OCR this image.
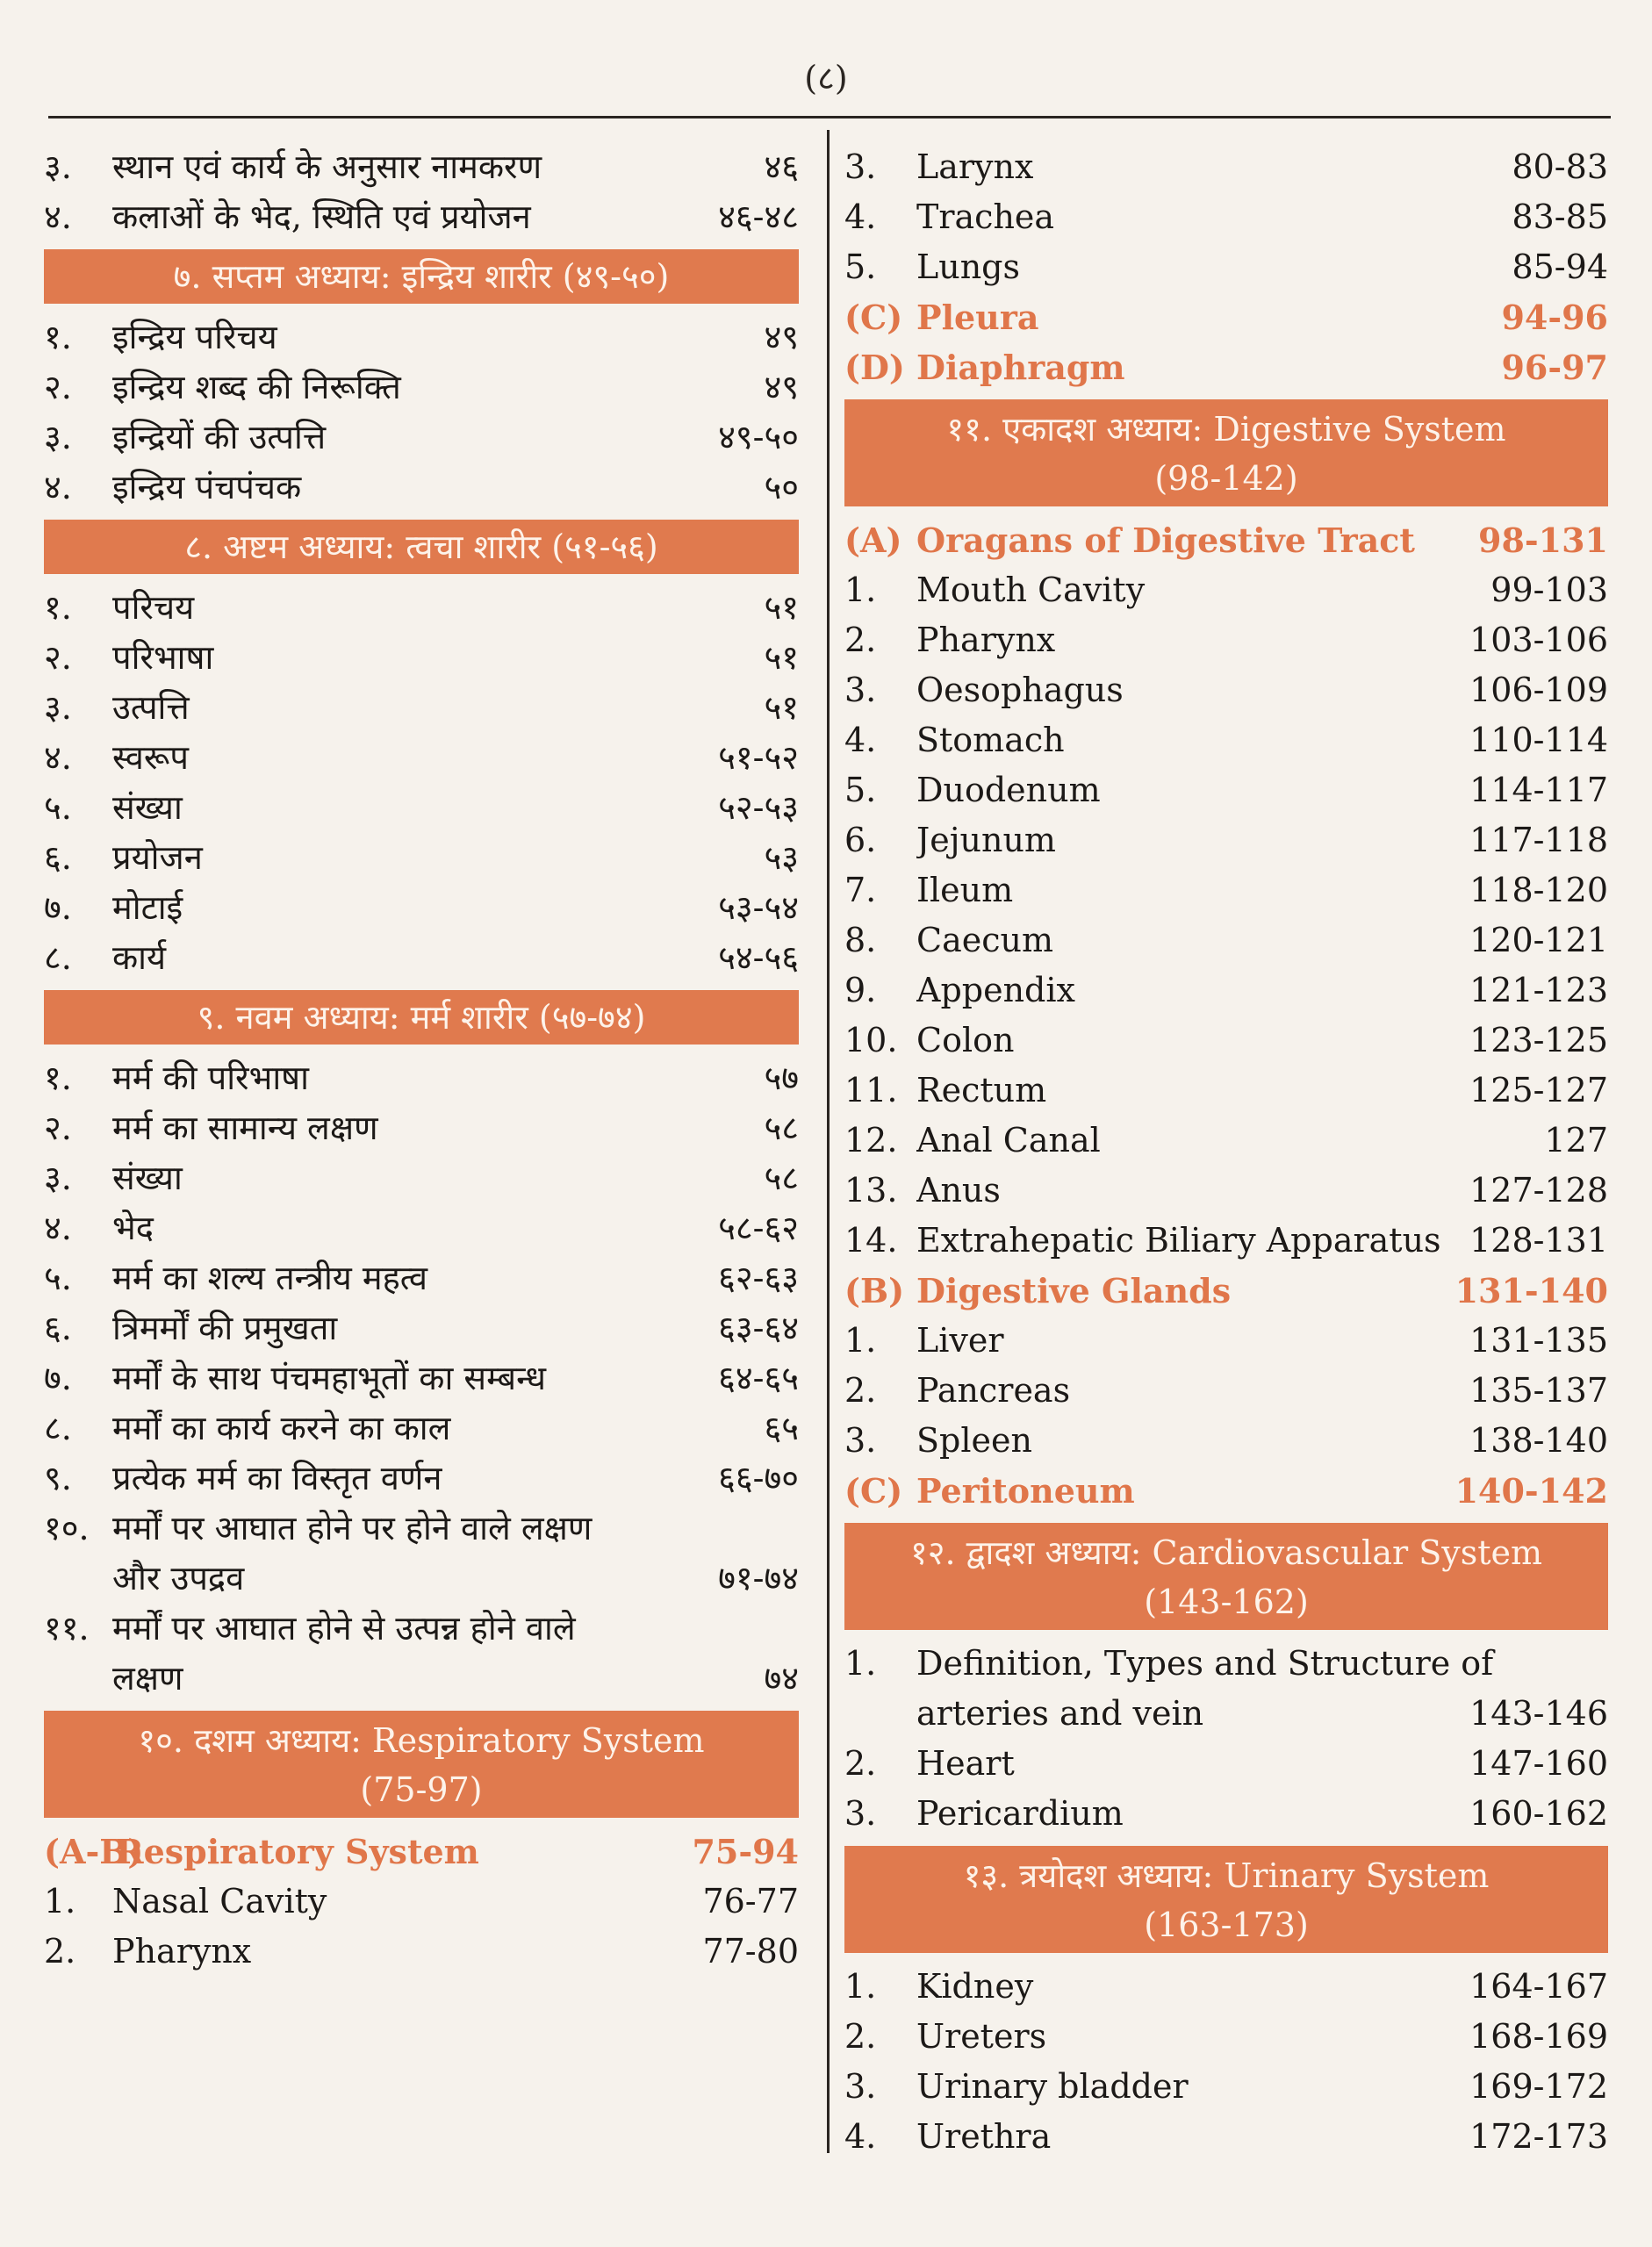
(८)
३.	स्थान एवं कार्य के अनुसार नामकरण	४६
४.	कलाओं के भेद, स्थिति एवं प्रयोजन	४६-४८
७. सप्तम अध्याय: इन्द्रिय शारीर (४९-५०)
१.	इन्द्रिय परिचय	४९
२.	इन्द्रिय शब्द की निरूक्ति	४९
३.	इन्द्रियों की उत्पत्ति	४९-५०
४.	इन्द्रिय पंचपंचक	५०
८. अष्टम अध्याय: त्वचा शारीर (५१-५६)
१.	परिचय	५१
२.	परिभाषा	५१
३.	उत्पत्ति	५१
४.	स्वरूप	५१-५२
५.	संख्या	५२-५३
६.	प्रयोजन	५३
७.	मोटाई	५३-५४
८.	कार्य	५४-५६
९. नवम अध्याय: मर्म शारीर (५७-७४)
१.	मर्म की परिभाषा	५७
२.	मर्म का सामान्य लक्षण	५८
३.	संख्या	५८
४.	भेद	५८-६२
५.	मर्म का शल्य तन्त्रीय महत्व	६२-६३
६.	त्रिमर्मों की प्रमुखता	६३-६४
७.	मर्मों के साथ पंचमहाभूतों का सम्बन्ध	६४-६५
८.	मर्मों का कार्य करने का काल	६५
९.	प्रत्येक मर्म का विस्तृत वर्णन	६६-७०
१०. मर्मों पर आघात होने पर होने वाले लक्षण
और उपद्रव	७१-७४
११. मर्मों पर आघात होने से उत्पन्न होने वाले
लक्षण	७४
१०. दशम अध्याय: Respiratory System
(75-97)
(A-B)
Respiratory System	75-94
1.	Nasal Cavity	76-77
2.	Pharynx	77-80
3.	Larynx	80-83
4.	Trachea	83-85
5.	Lungs	85-94
(C) Pleura	94-96
(D) Diaphragm	96-97
११. एकादश अध्याय: Digestive System
(98-142)
(A) Oragans of Digestive Tract	98-131
1.	Mouth Cavity	99-103
2.	Pharynx	103-106
3.	Oesophagus	106-109
4.	Stomach	110-114
5.	Duodenum	114-117
6.	Jejunum	117-118
7.	Ileum	118-120
8.	Caecum	120-121
9.	Appendix	121-123
10. Colon	123-125
11. Rectum	125-127
12. Anal Canal	127
13. Anus	127-128
14. Extrahepatic Biliary Apparatus 128-131
(B) Digestive Glands	131-140
1.	Liver	131-135
2.	Pancreas	135-137
3.	Spleen	138-140
(C) Peritoneum	140-142
१२. द्वादश अध्याय: Cardiovascular System
(143-162)
1.	Definition, Types and Structure of
arteries and vein	143-146
2.	Heart	147-160
3.	Pericardium	160-162
१३. त्रयोदश अध्याय: Urinary System
(163-173)
1.	Kidney	164-167
2.	Ureters	168-169
3.	Urinary bladder	169-172
4.	Urethra	172-173
